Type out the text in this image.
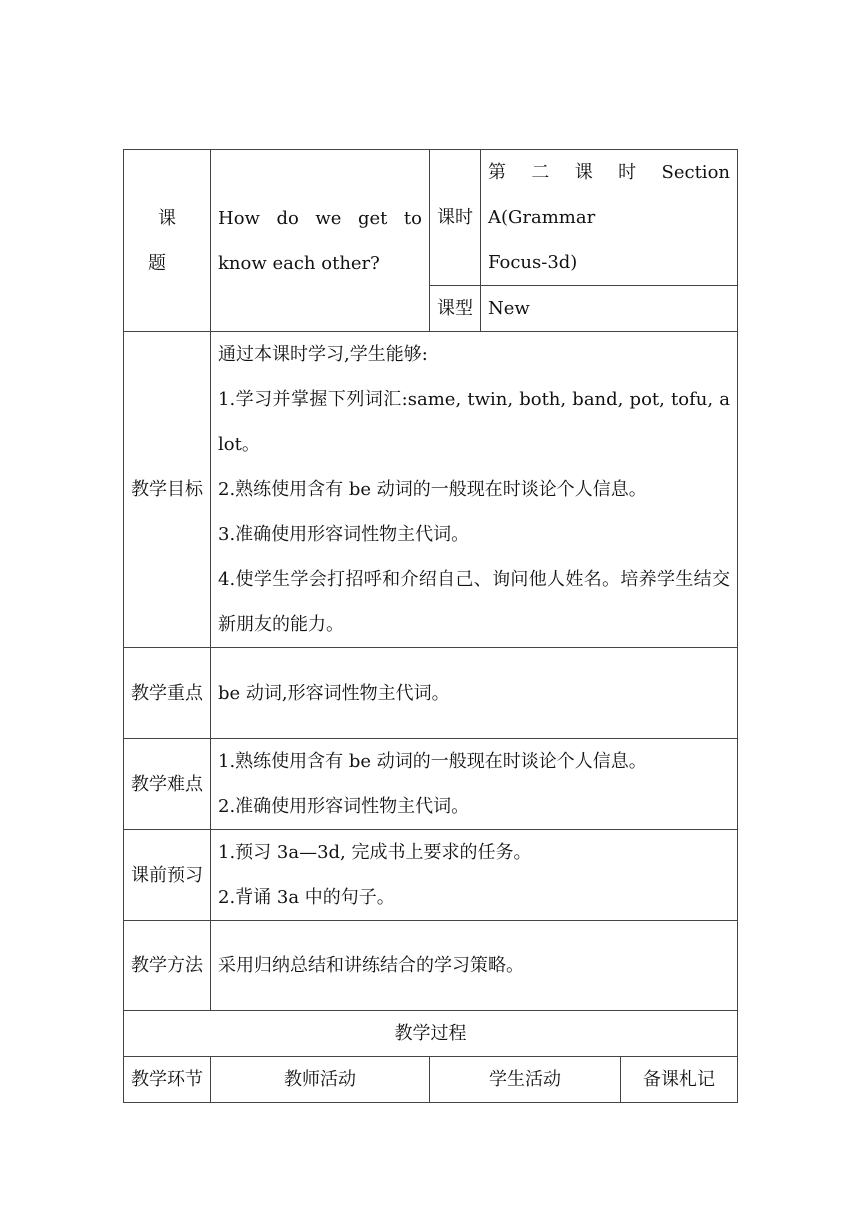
课 题	How do we get to know each other?	课时	第 二 课 时 Section

A(Grammar

Focus-3d)	

		课型	New	
教学目标	通过本课时学习,学生能够:

1.学习并掌握下列词汇:same, twin, both, band, pot, tofu, a lot。

2.熟练使用含有 be 动词的一般现在时谈论个人信息。

3.准确使用形容词性物主代词。

4.使学生学会打招呼和介绍自己、询问他人姓名。培养学生结交新朋友的能力。			

教学重点	be 动词,形容词性物主代词。			
教学难点	1.熟练使用含有 be 动词的一般现在时谈论个人信息。

2.准确使用形容词性物主代词。			

课前预习	1.预习 3a—3d, 完成书上要求的任务。

2.背诵 3a 中的句子。			

教学方法	采用归纳总结和讲练结合的学习策略。			
教学过程				
教学环节	教师活动	学生活动		备课札记
